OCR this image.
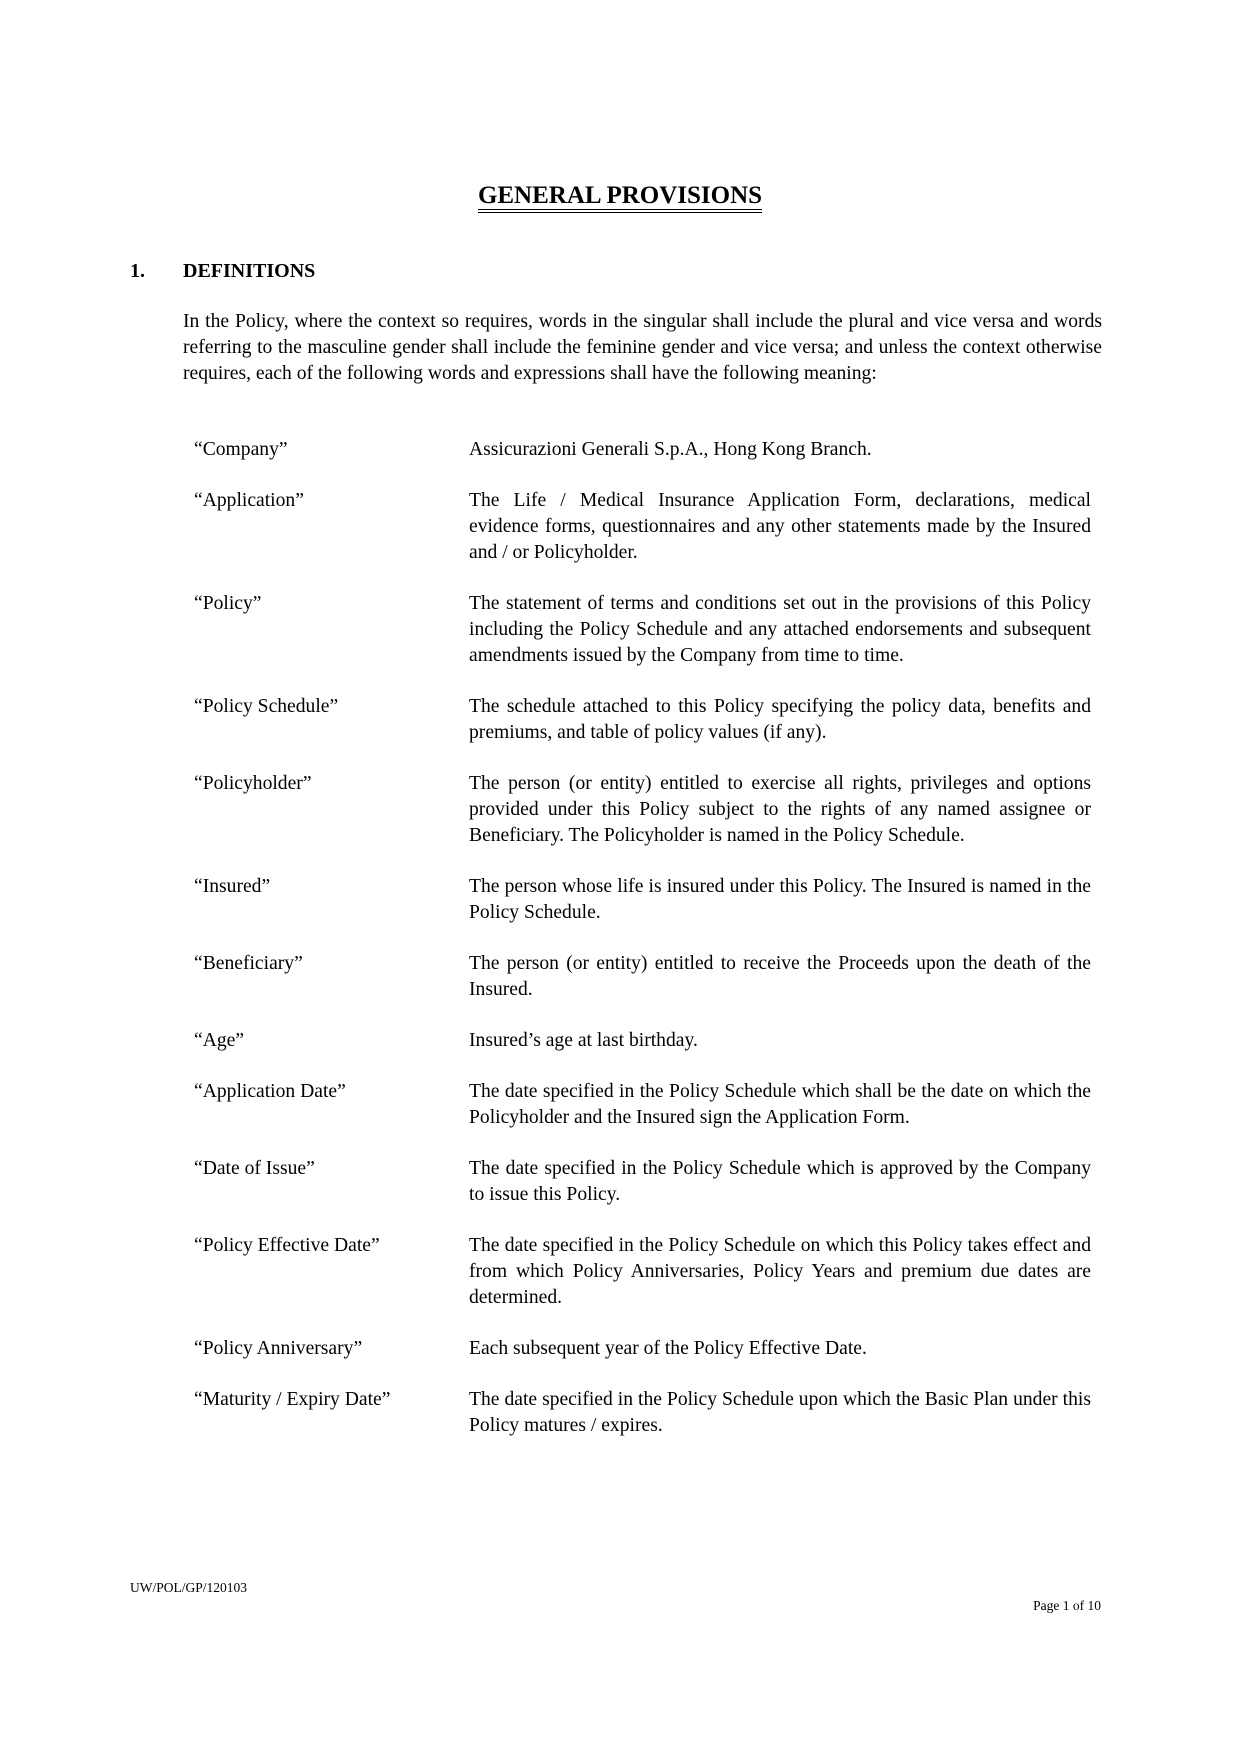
GENERAL PROVISIONS
1. DEFINITIONS
In the Policy, where the context so requires, words in the singular shall include the plural and vice versa and words referring to the masculine gender shall include the feminine gender and vice versa; and unless the context otherwise requires, each of the following words and expressions shall have the following meaning:
“Company”	Assicurazioni Generali S.p.A., Hong Kong Branch.
“Application”	The Life / Medical Insurance Application Form, declarations, medical evidence forms, questionnaires and any other statements made by the Insured and / or Policyholder.
“Policy”	The statement of terms and conditions set out in the provisions of this Policy including the Policy Schedule and any attached endorsements and subsequent amendments issued by the Company from time to time.
“Policy Schedule”	The schedule attached to this Policy specifying the policy data, benefits and premiums, and table of policy values (if any).
“Policyholder”	The person (or entity) entitled to exercise all rights, privileges and options provided under this Policy subject to the rights of any named assignee or Beneficiary. The Policyholder is named in the Policy Schedule.
“Insured”	The person whose life is insured under this Policy. The Insured is named in the Policy Schedule.
“Beneficiary”	The person (or entity) entitled to receive the Proceeds upon the death of the Insured.
“Age”	Insured’s age at last birthday.
“Application Date”	The date specified in the Policy Schedule which shall be the date on which the Policyholder and the Insured sign the Application Form.
“Date of Issue”	The date specified in the Policy Schedule which is approved by the Company to issue this Policy.
“Policy Effective Date”	The date specified in the Policy Schedule on which this Policy takes effect and from which Policy Anniversaries, Policy Years and premium due dates are determined.
“Policy Anniversary”	Each subsequent year of the Policy Effective Date.
“Maturity / Expiry Date”	The date specified in the Policy Schedule upon which the Basic Plan under this Policy matures / expires.
UW/POL/GP/120103
Page 1 of 10
